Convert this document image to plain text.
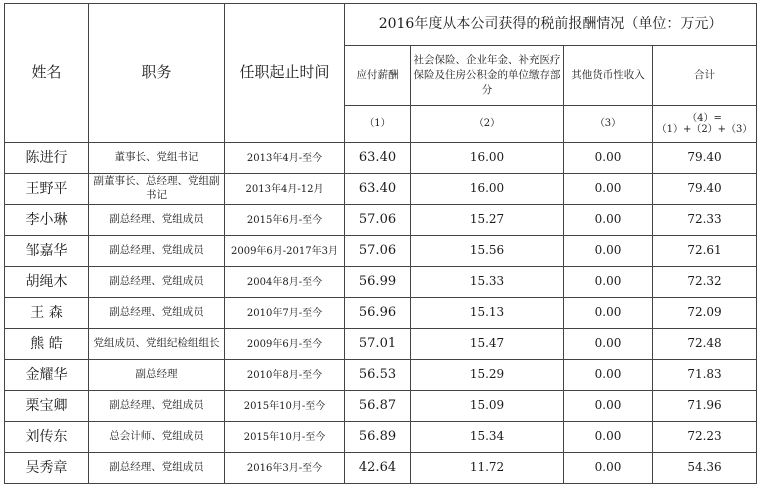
姓名	职务	任职起止时间	2016年度从本公司获得的税前报酬情况（单位：万元）			
			应付薪酬	社会保险、企业年金、补充医疗保险及住房公积金的单位缴存部分	其他货币性收入	合计
			（1）	（2）	（3）	（4）=（1）+（2）+（3）
陈进行	董事长、党组书记	2013年4月-至今	63.40	16.00	0.00	79.40
王野平	副董事长、总经理、党组副书记	2013年4月-12月	63.40	16.00	0.00	79.40
李小琳	副总经理、党组成员	2015年6月-至今	57.06	15.27	0.00	72.33
邹嘉华	副总经理、党组成员	2009年6月-2017年3月	57.06	15.56	0.00	72.61
胡绳木	副总经理、党组成员	2004年8月-至今	56.99	15.33	0.00	72.32
王 森	副总经理、党组成员	2010年7月-至今	56.96	15.13	0.00	72.09
熊 皓	党组成员、党组纪检组组长	2009年6月-至今	57.01	15.47	0.00	72.48
金耀华	副总经理	2010年8月-至今	56.53	15.29	0.00	71.83
栗宝卿	副总经理、党组成员	2015年10月-至今	56.87	15.09	0.00	71.96
刘传东	总会计师、党组成员	2015年10月-至今	56.89	15.34	0.00	72.23
吴秀章	副总经理、党组成员	2016年3月-至今	42.64	11.72	0.00	54.36
